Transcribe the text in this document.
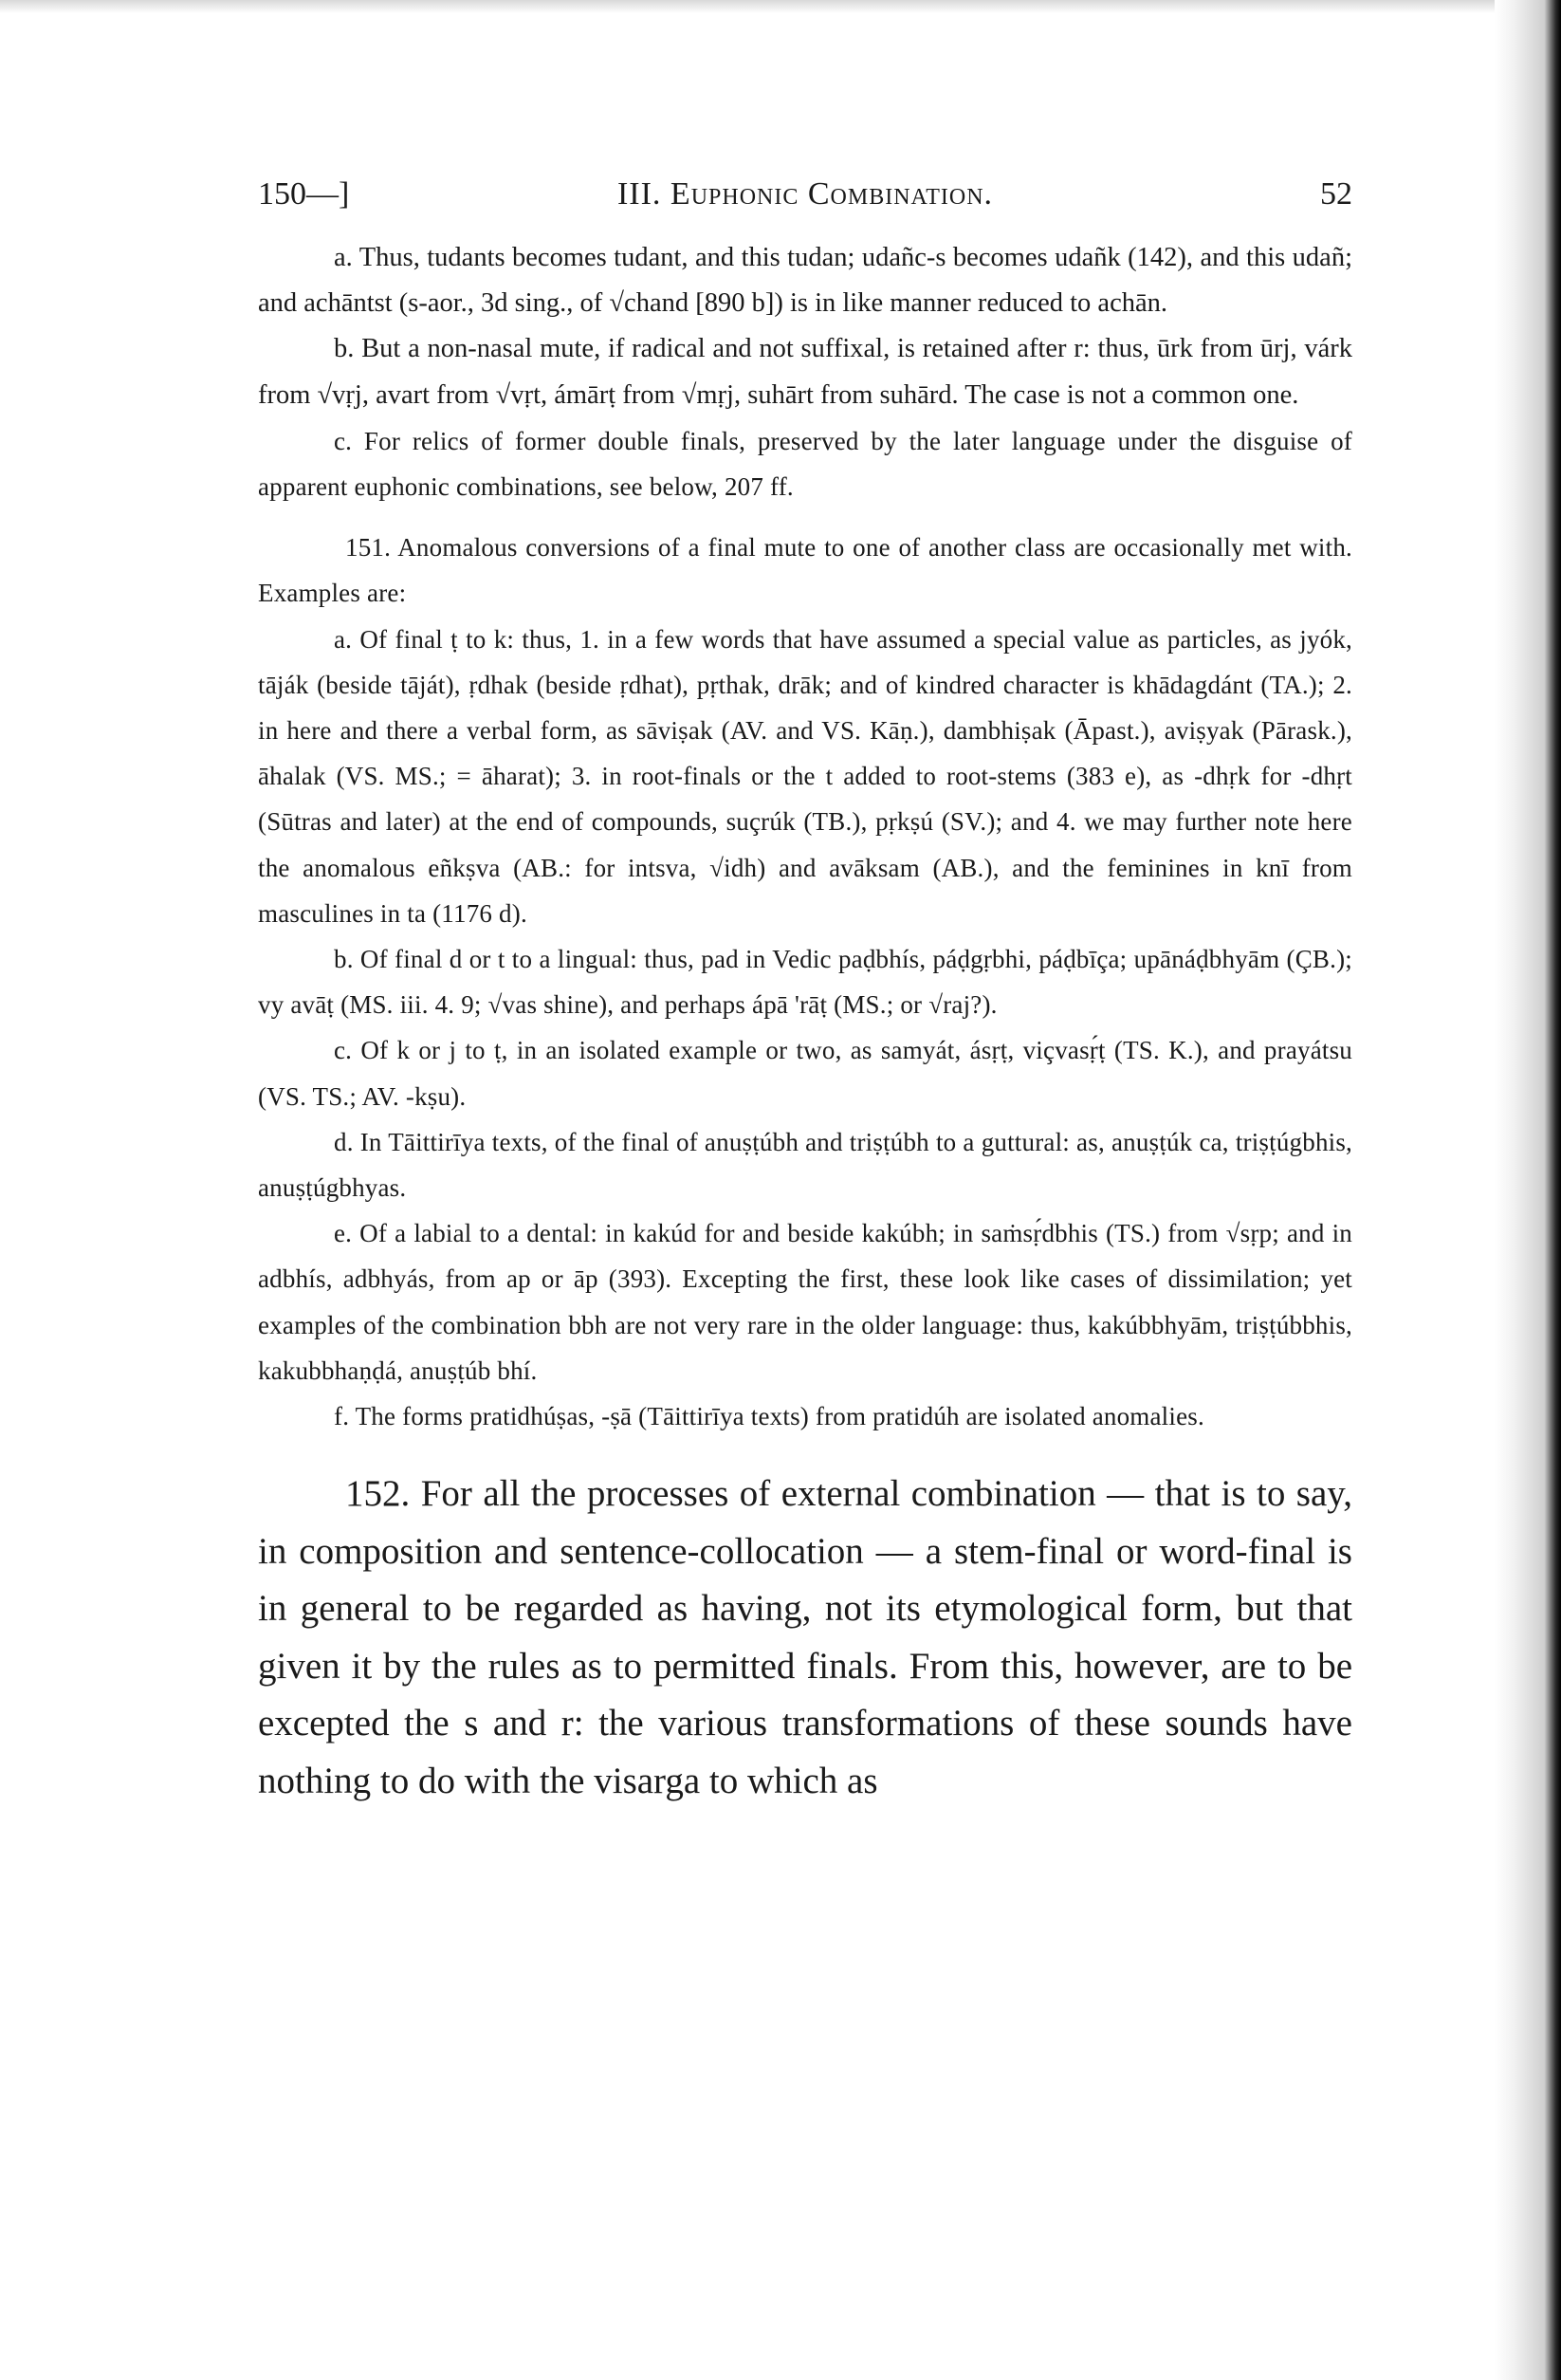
150—]	III. Euphonic Combination.	52

a. Thus, tudants becomes tudant, and this tudan; udañc-s becomes udañk (142), and this udañ; and achāntst (s-aor., 3d sing., of √chand [890 b]) is in like manner reduced to achān.

b. But a non-nasal mute, if radical and not suffixal, is retained after r: thus, ūrk from ūrj, várk from √vṛj, avart from √vṛt, ámārṭ from √mṛj, suhārt from suhārd. The case is not a common one.

c. For relics of former double finals, preserved by the later language under the disguise of apparent euphonic combinations, see below, 207 ff.

151. Anomalous conversions of a final mute to one of another class are occasionally met with. Examples are:

a. Of final ṭ to k: thus, 1. in a few words that have assumed a special value as particles, as jyók, tāják (beside tāját), ṛdhak (beside ṛdhat), pṛthak, drāk; and of kindred character is khādagdánt (TA.); 2. in here and there a verbal form, as sāviṣak (AV. and VS. Kāṇ.), dambhiṣak (Āpast.), aviṣyak (Pārask.), āhalak (VS. MS.; = āharat); 3. in root-finals or the t added to root-stems (383 e), as -dhṛk for -dhṛt (Sūtras and later) at the end of compounds, suçrúk (TB.), pṛkṣú (SV.); and 4. we may further note here the anomalous eñkṣva (AB.: for intsva, √idh) and avāksam (AB.), and the feminines in knī from masculines in ta (1176 d).

b. Of final d or t to a lingual: thus, pad in Vedic paḍbhís, páḍgṛbhi, páḍbīça; upānáḍbhyām (ÇB.); vy avāṭ (MS. iii. 4. 9; √vas shine), and perhaps ápā 'rāṭ (MS.; or √raj?).

c. Of k or j to ṭ, in an isolated example or two, as samyát, ásṛṭ, viçvasṛ́ṭ (TS. K.), and prayátsu (VS. TS.; AV. -kṣu).

d. In Tāittirīya texts, of the final of anuṣṭúbh and triṣṭúbh to a guttural: as, anuṣṭúk ca, triṣṭúgbhis, anuṣṭúgbhyas.

e. Of a labial to a dental: in kakúd for and beside kakúbh; in saṁsṛ́dbhis (TS.) from √sṛp; and in adbhís, adbhyás, from ap or āp (393). Excepting the first, these look like cases of dissimilation; yet examples of the combination bbh are not very rare in the older language: thus, kakúbbhyām, triṣṭúbbhis, kakubbhaṇḍá, anuṣṭúb bhí.

f. The forms pratidhúṣas, -ṣā (Tāittirīya texts) from pratidúh are isolated anomalies.

152. For all the processes of external combination — that is to say, in composition and sentence-collocation — a stem-final or word-final is in general to be regarded as having, not its etymological form, but that given it by the rules as to permitted finals. From this, however, are to be excepted the s and r: the various transformations of these sounds have nothing to do with the visarga to which as
